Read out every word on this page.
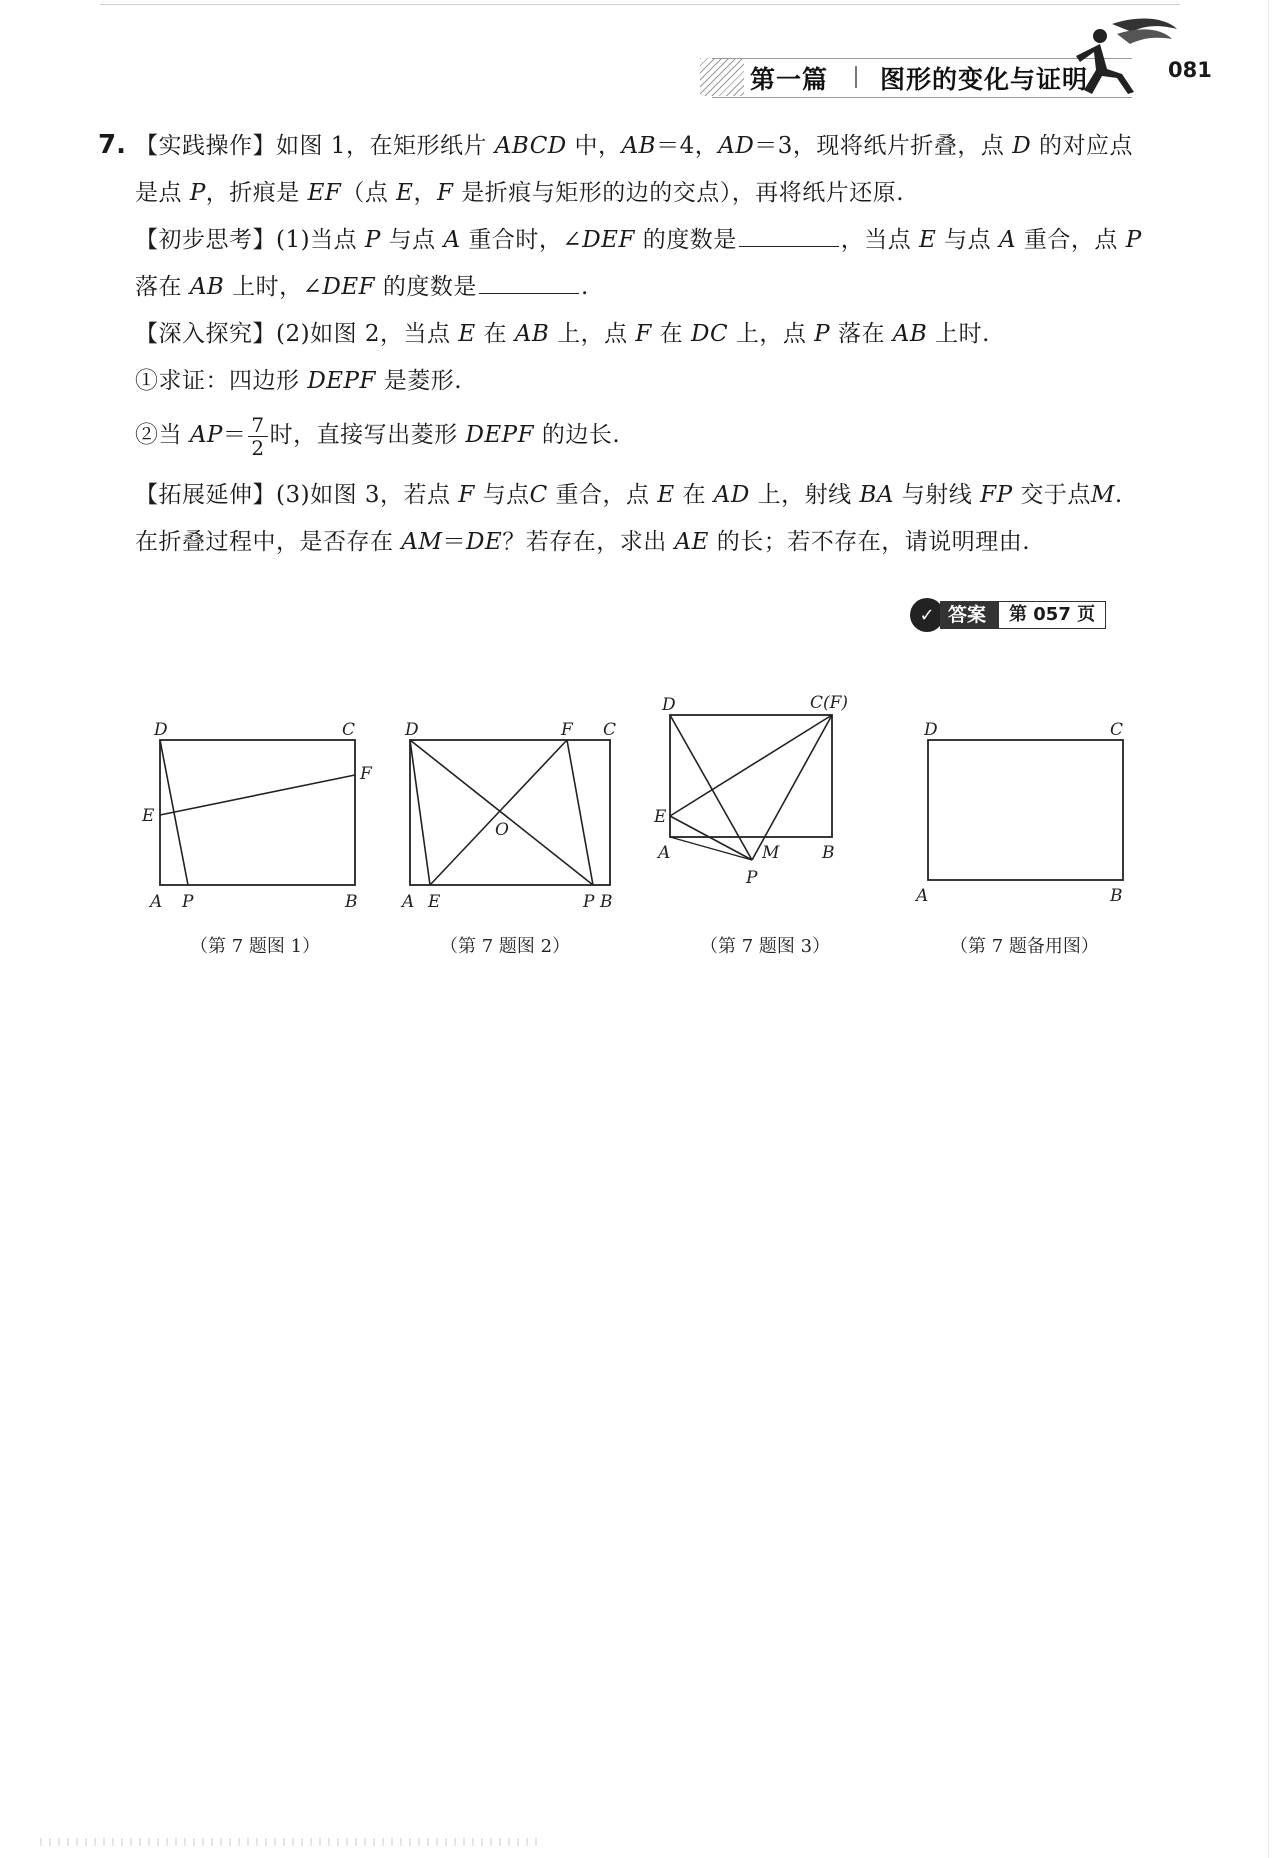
第一篇 图形的变化与证明	081
7. 【实践操作】如图 1，在矩形纸片 ABCD 中，AB＝4，AD＝3，现将纸片折叠，点 D 的对应点
是点 P，折痕是 EF（点 E，F 是折痕与矩形的边的交点），再将纸片还原.
【初步思考】(1)当点 P 与点 A 重合时，∠DEF 的度数是	，当点 E 与点 A 重合，点 P
落在 AB 上时，∠DEF 的度数是	.
【深入探究】(2)如图 2，当点 E 在 AB 上，点 F 在 DC 上，点 P 落在 AB 上时.
①求证：四边形 DEPF 是菱形.
②当 $AP= \frac{7}{2}$ 时，直接写出菱形 DEPF 的边长.
【拓展延伸】(3)如图 3，若点 F 与点C 重合，点 E 在 AD 上，射线 BA 与射线 FP 交于点M.
在折叠过程中，是否存在 AM＝DE？若存在，求出 AE 的长；若不存在，请说明理由.
✓ 答案	第 057 页
D	C
F
E
A P	B
（第 7 题图 1）
D	F C
O
A E	P B
（第 7 题图 2）
D	C(F)
E
A	M	B
P
（第 7 题图 3）
D	C
A	B
（第 7 题备用图）
